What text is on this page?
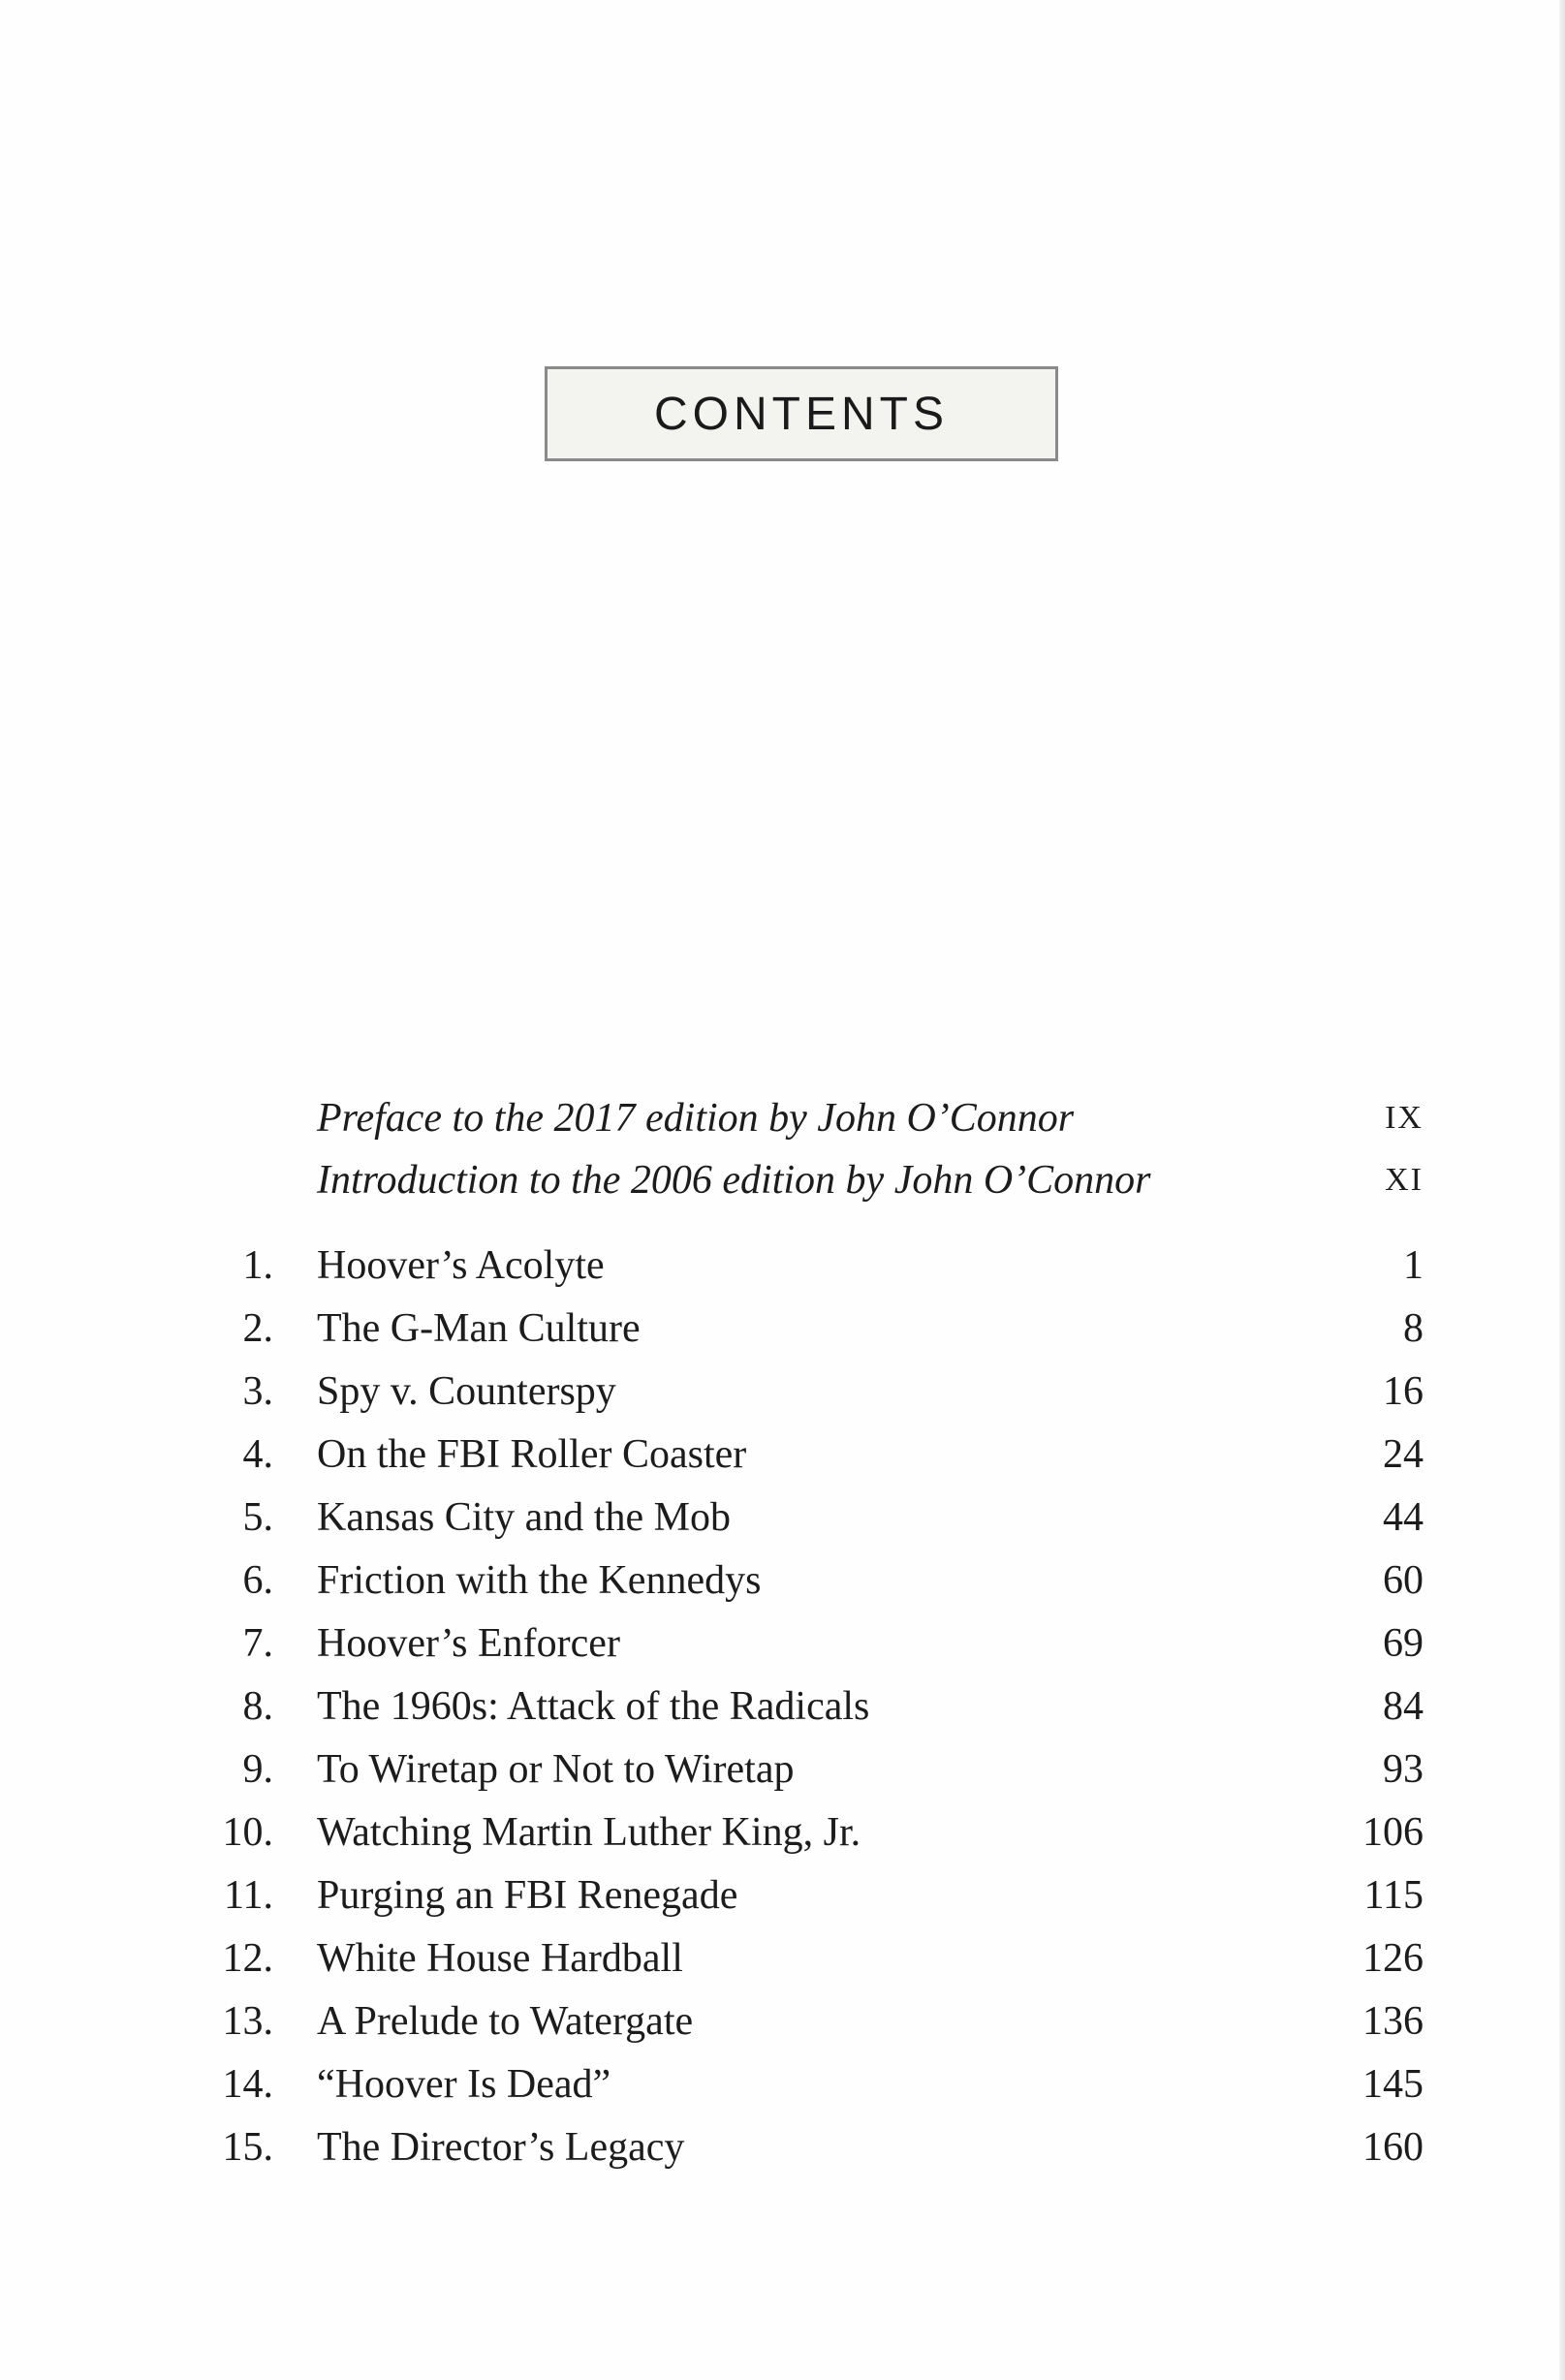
CONTENTS
Preface to the 2017 edition by John O’Connor	IX
Introduction to the 2006 edition by John O’Connor	XI
1. Hoover’s Acolyte	1
2. The G-Man Culture	8
3. Spy v. Counterspy	16
4. On the FBI Roller Coaster	24
5. Kansas City and the Mob	44
6. Friction with the Kennedys	60
7. Hoover’s Enforcer	69
8. The 1960s: Attack of the Radicals	84
9. To Wiretap or Not to Wiretap	93
10. Watching Martin Luther King, Jr.	106
11. Purging an FBI Renegade	115
12. White House Hardball	126
13. A Prelude to Watergate	136
14. “Hoover Is Dead”	145
15. The Director’s Legacy	160
